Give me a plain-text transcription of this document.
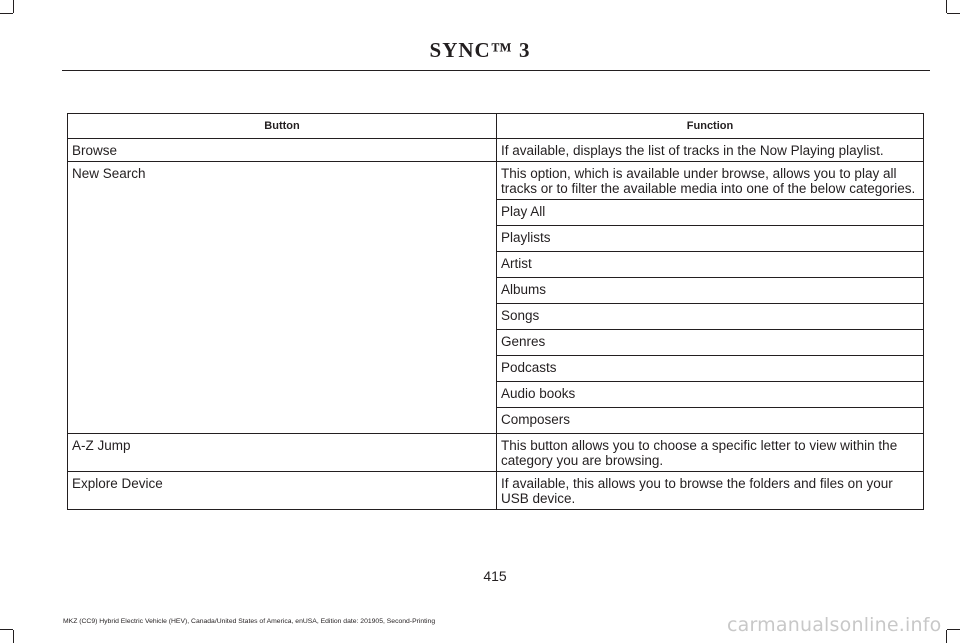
SYNC™ 3
Button	Function
Browse	If available, displays the list of tracks in the Now Playing playlist.
New Search	This option, which is available under browse, allows you to play all tracks or to filter the available media into one of the below categories.
	Play All
	Playlists
	Artist
	Albums
	Songs
	Genres
	Podcasts
	Audio books
	Composers
A-Z Jump	This button allows you to choose a specific letter to view within the category you are browsing.
Explore Device	If available, this allows you to browse the folders and files on your USB device.
415
MKZ (CC9) Hybrid Electric Vehicle (HEV), Canada/United States of America, enUSA, Edition date: 201905, Second-Printing	carmanualsonline.info
